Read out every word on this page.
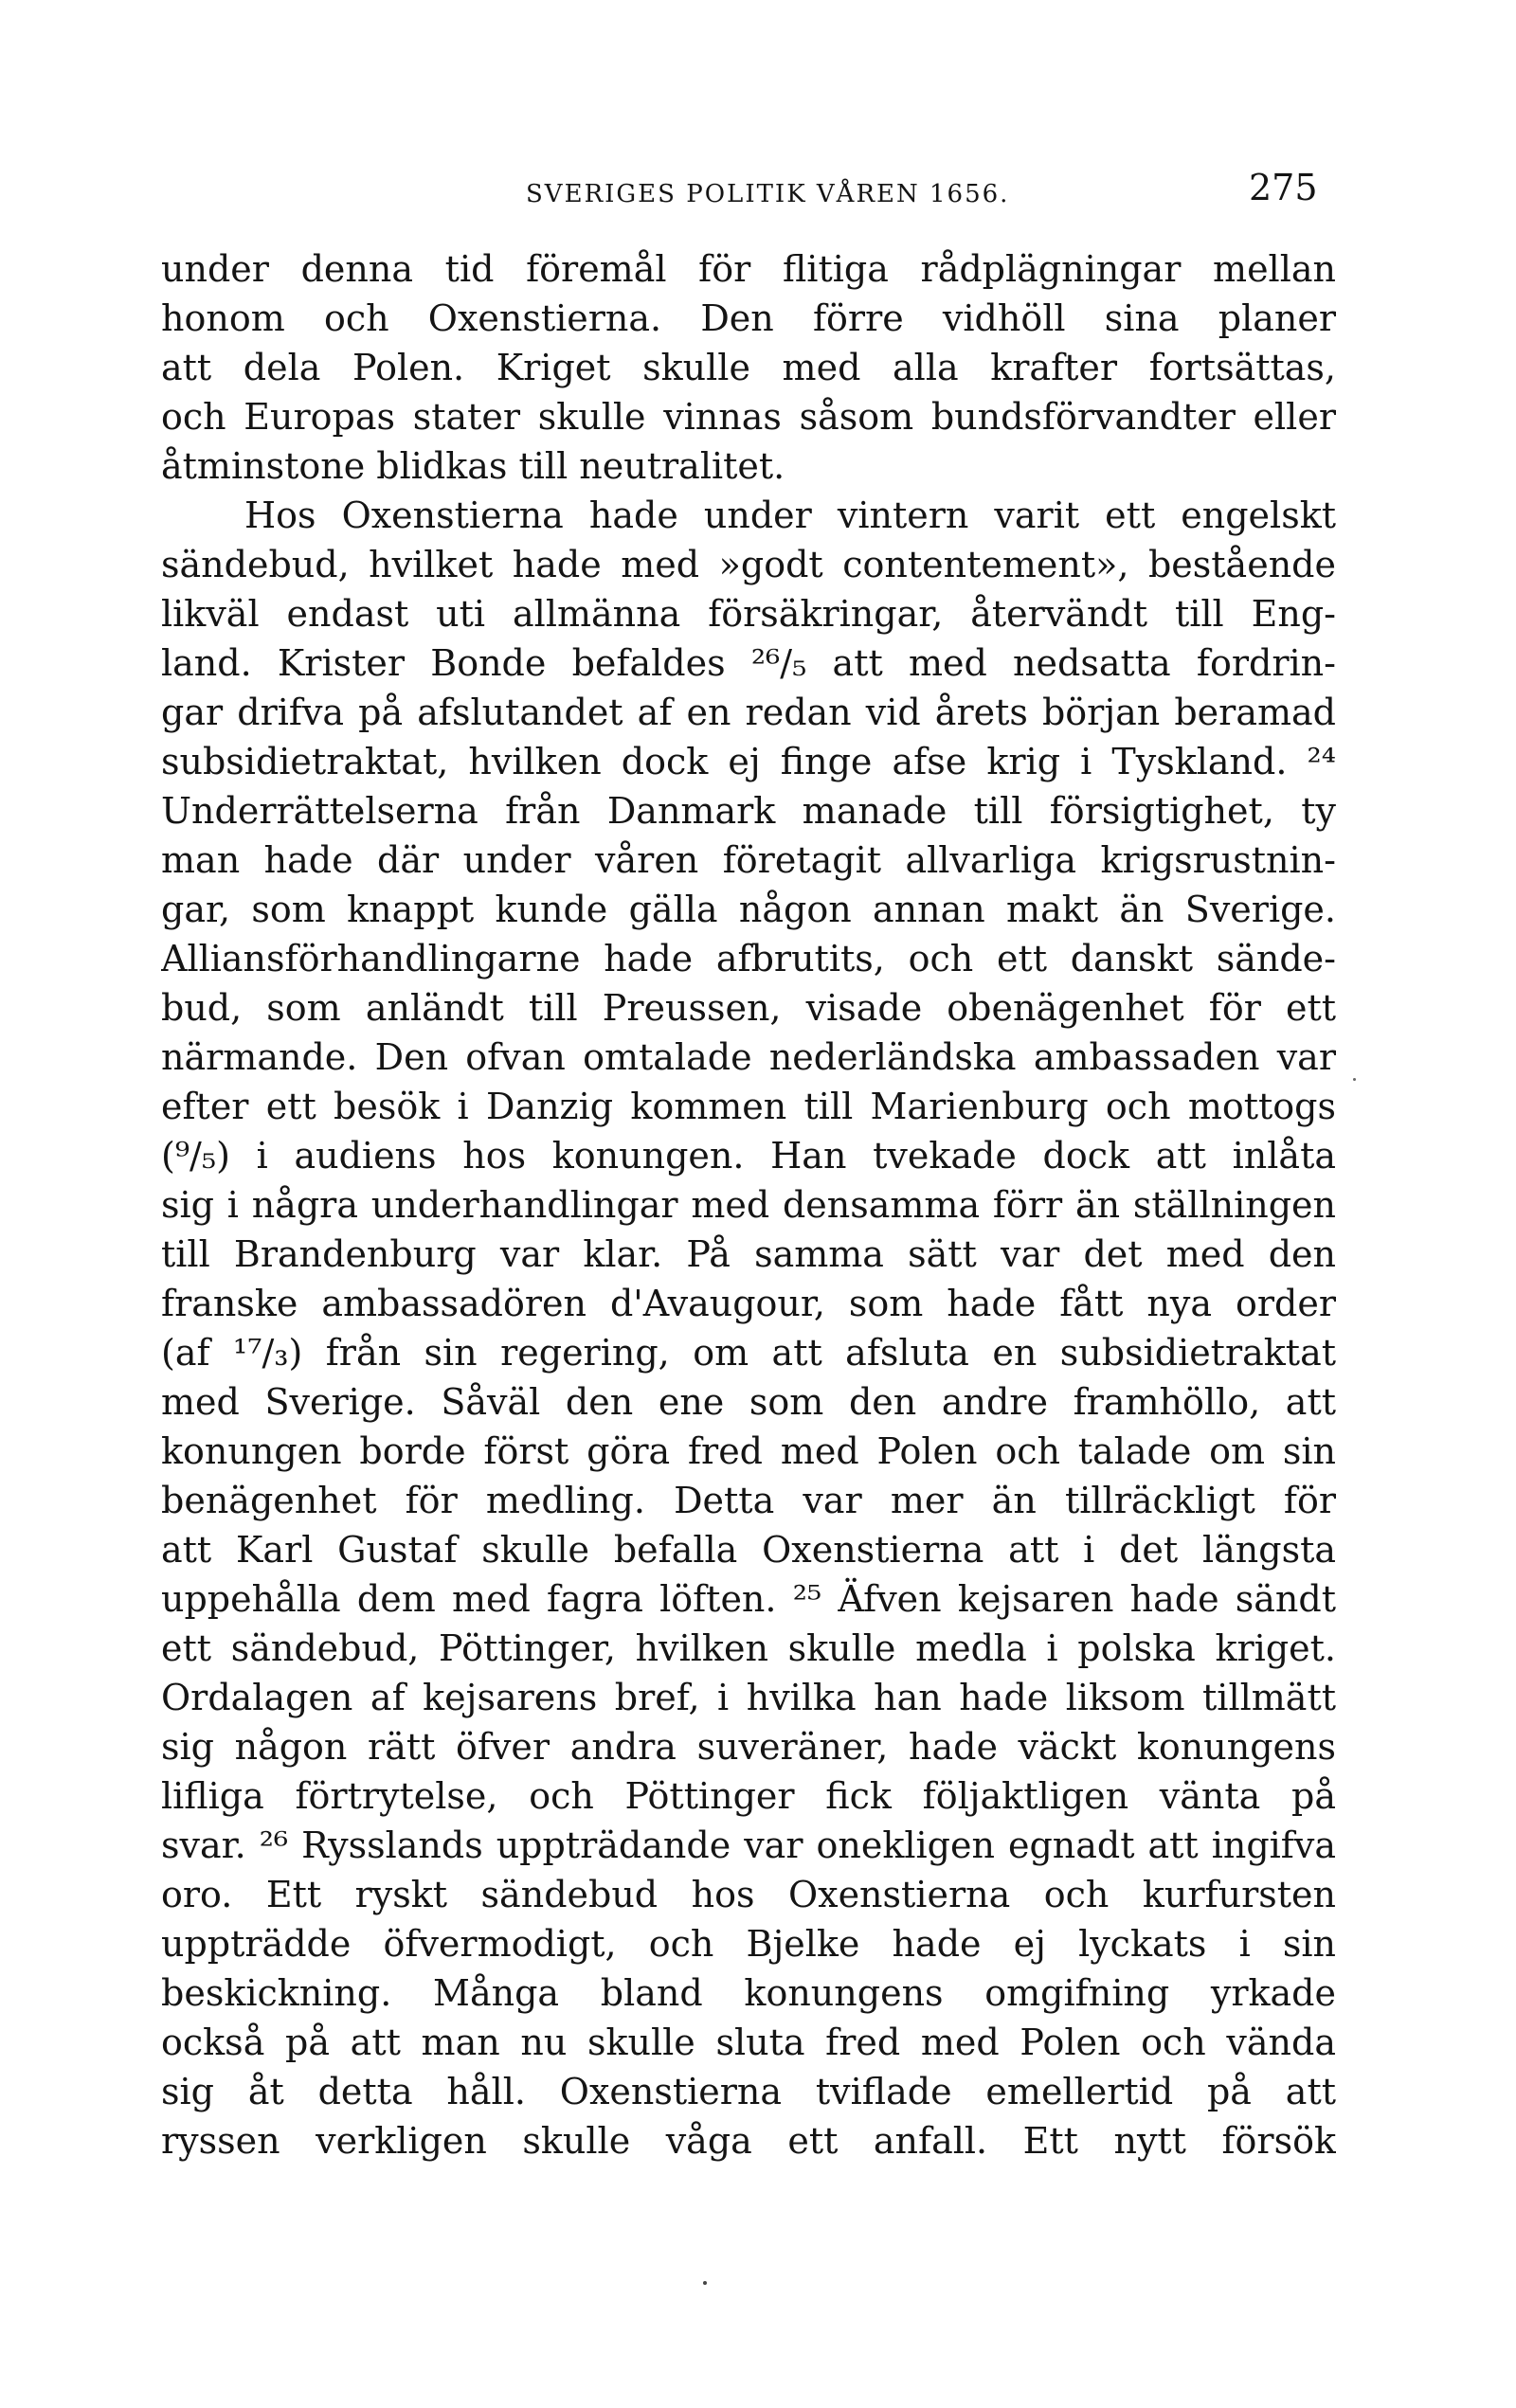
SVERIGES POLITIK VÅREN 1656.	275
under denna tid föremål för flitiga rådplägningar mellan
honom och Oxenstierna. Den förre vidhöll sina planer
att dela Polen. Kriget skulle med alla krafter fortsättas,
och Europas stater skulle vinnas såsom bundsförvandter eller
åtminstone blidkas till neutralitet.
Hos Oxenstierna hade under vintern varit ett engelskt
sändebud, hvilket hade med »godt contentement», bestående
likväl endast uti allmänna försäkringar, återvändt till Eng-
land. Krister Bonde befaldes ²⁶/₅ att med nedsatta fordrin-
gar drifva på afslutandet af en redan vid årets början beramad
subsidietraktat, hvilken dock ej finge afse krig i Tyskland. ²⁴
Underrättelserna från Danmark manade till försigtighet, ty
man hade där under våren företagit allvarliga krigsrustnin-
gar, som knappt kunde gälla någon annan makt än Sverige.
Alliansförhandlingarne hade afbrutits, och ett danskt sände-
bud, som anländt till Preussen, visade obenägenhet för ett
närmande. Den ofvan omtalade nederländska ambassaden var
efter ett besök i Danzig kommen till Marienburg och mottogs
(⁹/₅) i audiens hos konungen. Han tvekade dock att inlåta
sig i några underhandlingar med densamma förr än ställningen
till Brandenburg var klar. På samma sätt var det med den
franske ambassadören d'Avaugour, som hade fått nya order
(af ¹⁷/₃) från sin regering, om att afsluta en subsidietraktat
med Sverige. Såväl den ene som den andre framhöllo, att
konungen borde först göra fred med Polen och talade om sin
benägenhet för medling. Detta var mer än tillräckligt för
att Karl Gustaf skulle befalla Oxenstierna att i det längsta
uppehålla dem med fagra löften. ²⁵ Äfven kejsaren hade sändt
ett sändebud, Pöttinger, hvilken skulle medla i polska kriget.
Ordalagen af kejsarens bref, i hvilka han hade liksom tillmätt
sig någon rätt öfver andra suveräner, hade väckt konungens
lifliga förtrytelse, och Pöttinger fick följaktligen vänta på
svar. ²⁶ Rysslands uppträdande var onekligen egnadt att ingifva
oro. Ett ryskt sändebud hos Oxenstierna och kurfursten
uppträdde öfvermodigt, och Bjelke hade ej lyckats i sin
beskickning. Många bland konungens omgifning yrkade
också på att man nu skulle sluta fred med Polen och vända
sig åt detta håll. Oxenstierna tviflade emellertid på att
ryssen verkligen skulle våga ett anfall. Ett nytt försök
